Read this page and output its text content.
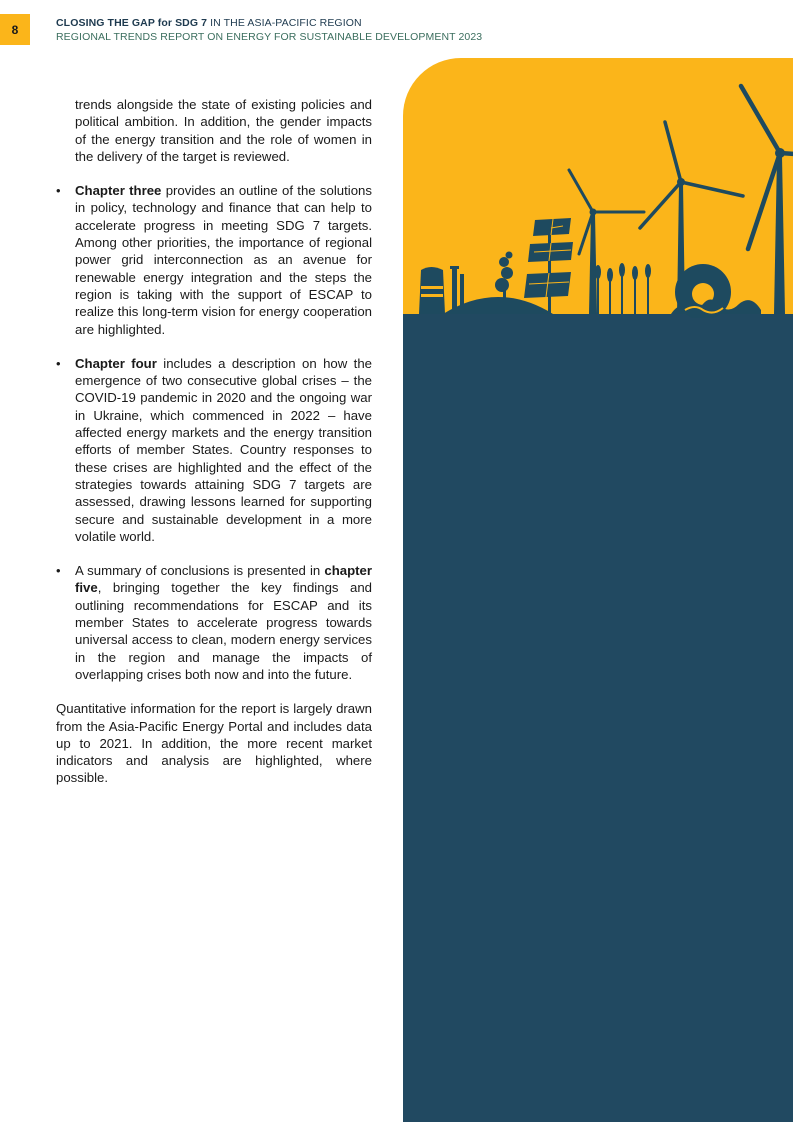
8	CLOSING THE GAP for SDG 7 IN THE ASIA-PACIFIC REGION
REGIONAL TRENDS REPORT ON ENERGY FOR SUSTAINABLE DEVELOPMENT 2023

trends alongside the state of existing policies and political ambition. In addition, the gender impacts of the energy transition and the role of women in the delivery of the target is reviewed.

•	Chapter three provides an outline of the solutions in policy, technology and finance that can help to accelerate progress in meeting SDG 7 targets. Among other priorities, the importance of regional power grid interconnection as an avenue for renewable energy integration and the steps the region is taking with the support of ESCAP to realize this long-term vision for energy cooperation are highlighted.

•	Chapter four includes a description on how the emergence of two consecutive global crises – the COVID-19 pandemic in 2020 and the ongoing war in Ukraine, which commenced in 2022 – have affected energy markets and the energy transition efforts of member States. Country responses to these crises are highlighted and the effect of the strategies towards attaining SDG 7 targets are assessed, drawing lessons learned for supporting secure and sustainable development in a more volatile world.

•	A summary of conclusions is presented in chapter five, bringing together the key findings and outlining recommendations for ESCAP and its member States to accelerate progress towards universal access to clean, modern energy services in the region and manage the impacts of overlapping crises both now and into the future.

Quantitative information for the report is largely drawn from the Asia-Pacific Energy Portal and includes data up to 2021. In addition, the more recent market indicators and analysis are highlighted, where possible.
